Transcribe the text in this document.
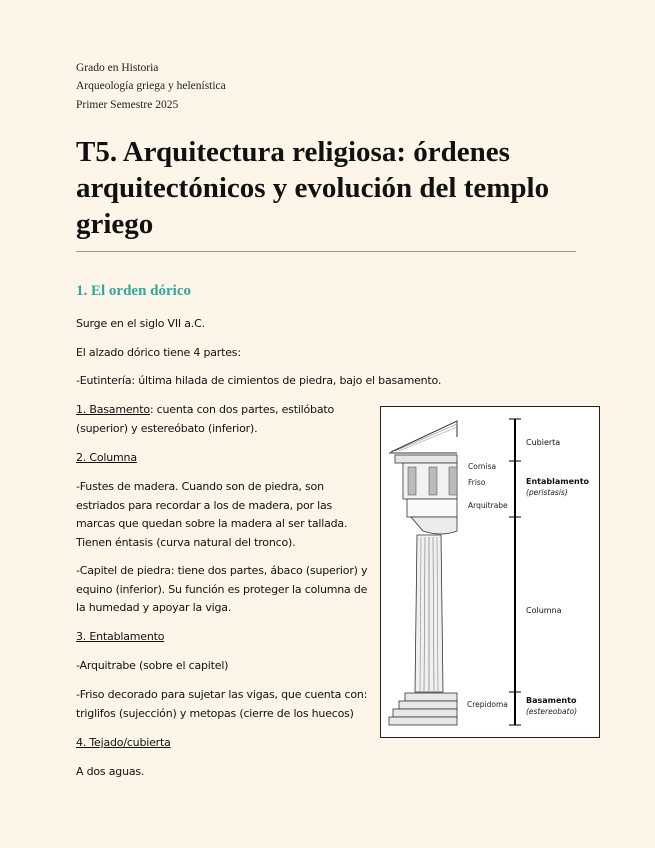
Grado en Historia
Arqueología griega y helenística
Primer Semestre 2025
T5. Arquitectura religiosa: órdenes arquitectónicos y evolución del templo griego
1. El orden dórico
Surge en el siglo VII a.C.
El alzado dórico tiene 4 partes:
-Eutintería: última hilada de cimientos de piedra, bajo el basamento.
1. Basamento: cuenta con dos partes, estilóbato (superior) y estereóbato (inferior).
2. Columna
-Fustes de madera. Cuando son de piedra, son estriados para recordar a los de madera, por las marcas que quedan sobre la madera al ser tallada. Tienen éntasis (curva natural del tronco).
-Capitel de piedra: tiene dos partes, ábaco (superior) y equino (inferior). Su función es proteger la columna de la humedad y apoyar la viga.
3. Entablamento
-Arquitrabe (sobre el capitel)
-Friso decorado para sujetar las vigas, que cuenta con: triglifos (sujección) y metopas (cierre de los huecos)
4. Tejado/cubierta
A dos aguas.
Cornisa
Friso
Arquitrabe
Crepidoma
Cubierta
Entablamento
(peristasis)
Columna
Basamento
(estereobato)
